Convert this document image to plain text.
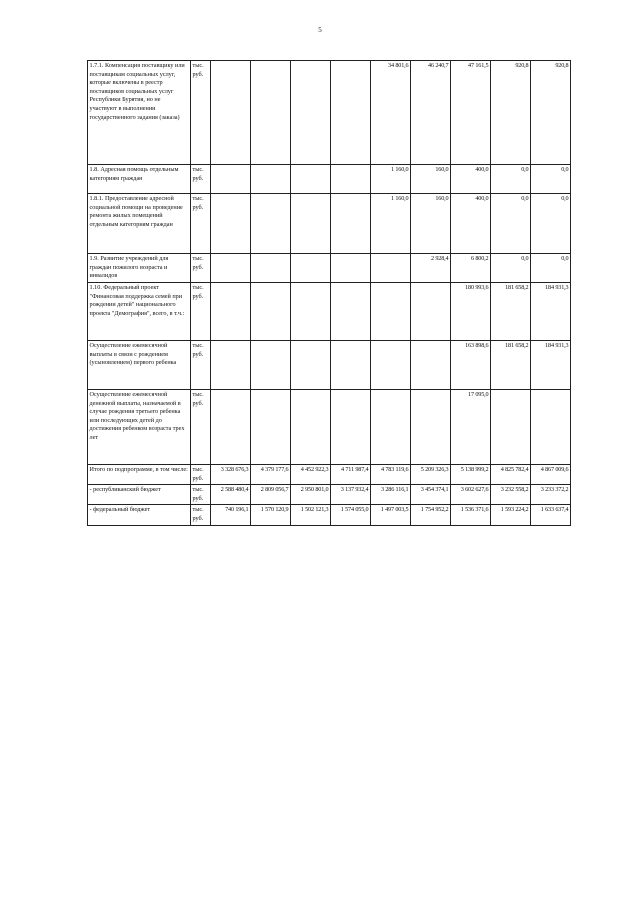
5
1.7.1. Компенсация поставщику или поставщикам социальных услуг, которые включены в реестр поставщиков социальных услуг Республики Бурятия, но не участвуют в выполнении государственного задания (заказа)	тыс. руб.					34 801,6	46 240,7	47 161,5	920,8	920,8
1.8. Адресная помощь отдельным категориям граждан	тыс. руб.					1 160,0	160,0	400,0	0,0	0,0
1.8.1. Предоставление адресной социальной помощи на проведение ремонта жилых помещений отдельным категориям граждан	тыс. руб.					1 160,0	160,0	400,0	0,0	0,0
1.9. Развитие учреждений для граждан пожилого возраста и инвалидов	тыс. руб.						2 928,4	6 800,2	0,0	0,0
1.10. Федеральный проект "Финансовая поддержка семей при рождении детей" национального проекта "Демография", всего, в т.ч.:	тыс. руб.							180 993,6	181 658,2	184 931,3
Осуществление ежемесячной выплаты в связи с рождением (усыновлением) первого ребенка	тыс. руб.							163 898,6	181 658,2	184 931,3
Осуществление ежемесячной денежной выплаты, назначаемой в случае рождения третьего ребенка или последующих детей до достижения ребенком возраста трех лет	тыс. руб.							17 095,0		
Итого по подпрограмме, в том числе:	тыс. руб.	3 328 676,3	4 379 177,6	4 452 922,3	4 711 987,4	4 783 119,6	5 209 326,3	5 138 999,2	4 825 782,4	4 867 009,6
- республиканский бюджет	тыс. руб.	2 588 480,4	2 809 056,7	2 950 801,0	3 137 932,4	3 286 116,1	3 454 374,1	3 602 627,6	3 232 558,2	3 233 372,2
- федеральный бюджет	тыс. руб.	740 196,1	1 570 120,9	1 502 121,3	1 574 055,0	1 497 003,5	1 754 952,2	1 536 371,6	1 593 224,2	1 633 637,4
